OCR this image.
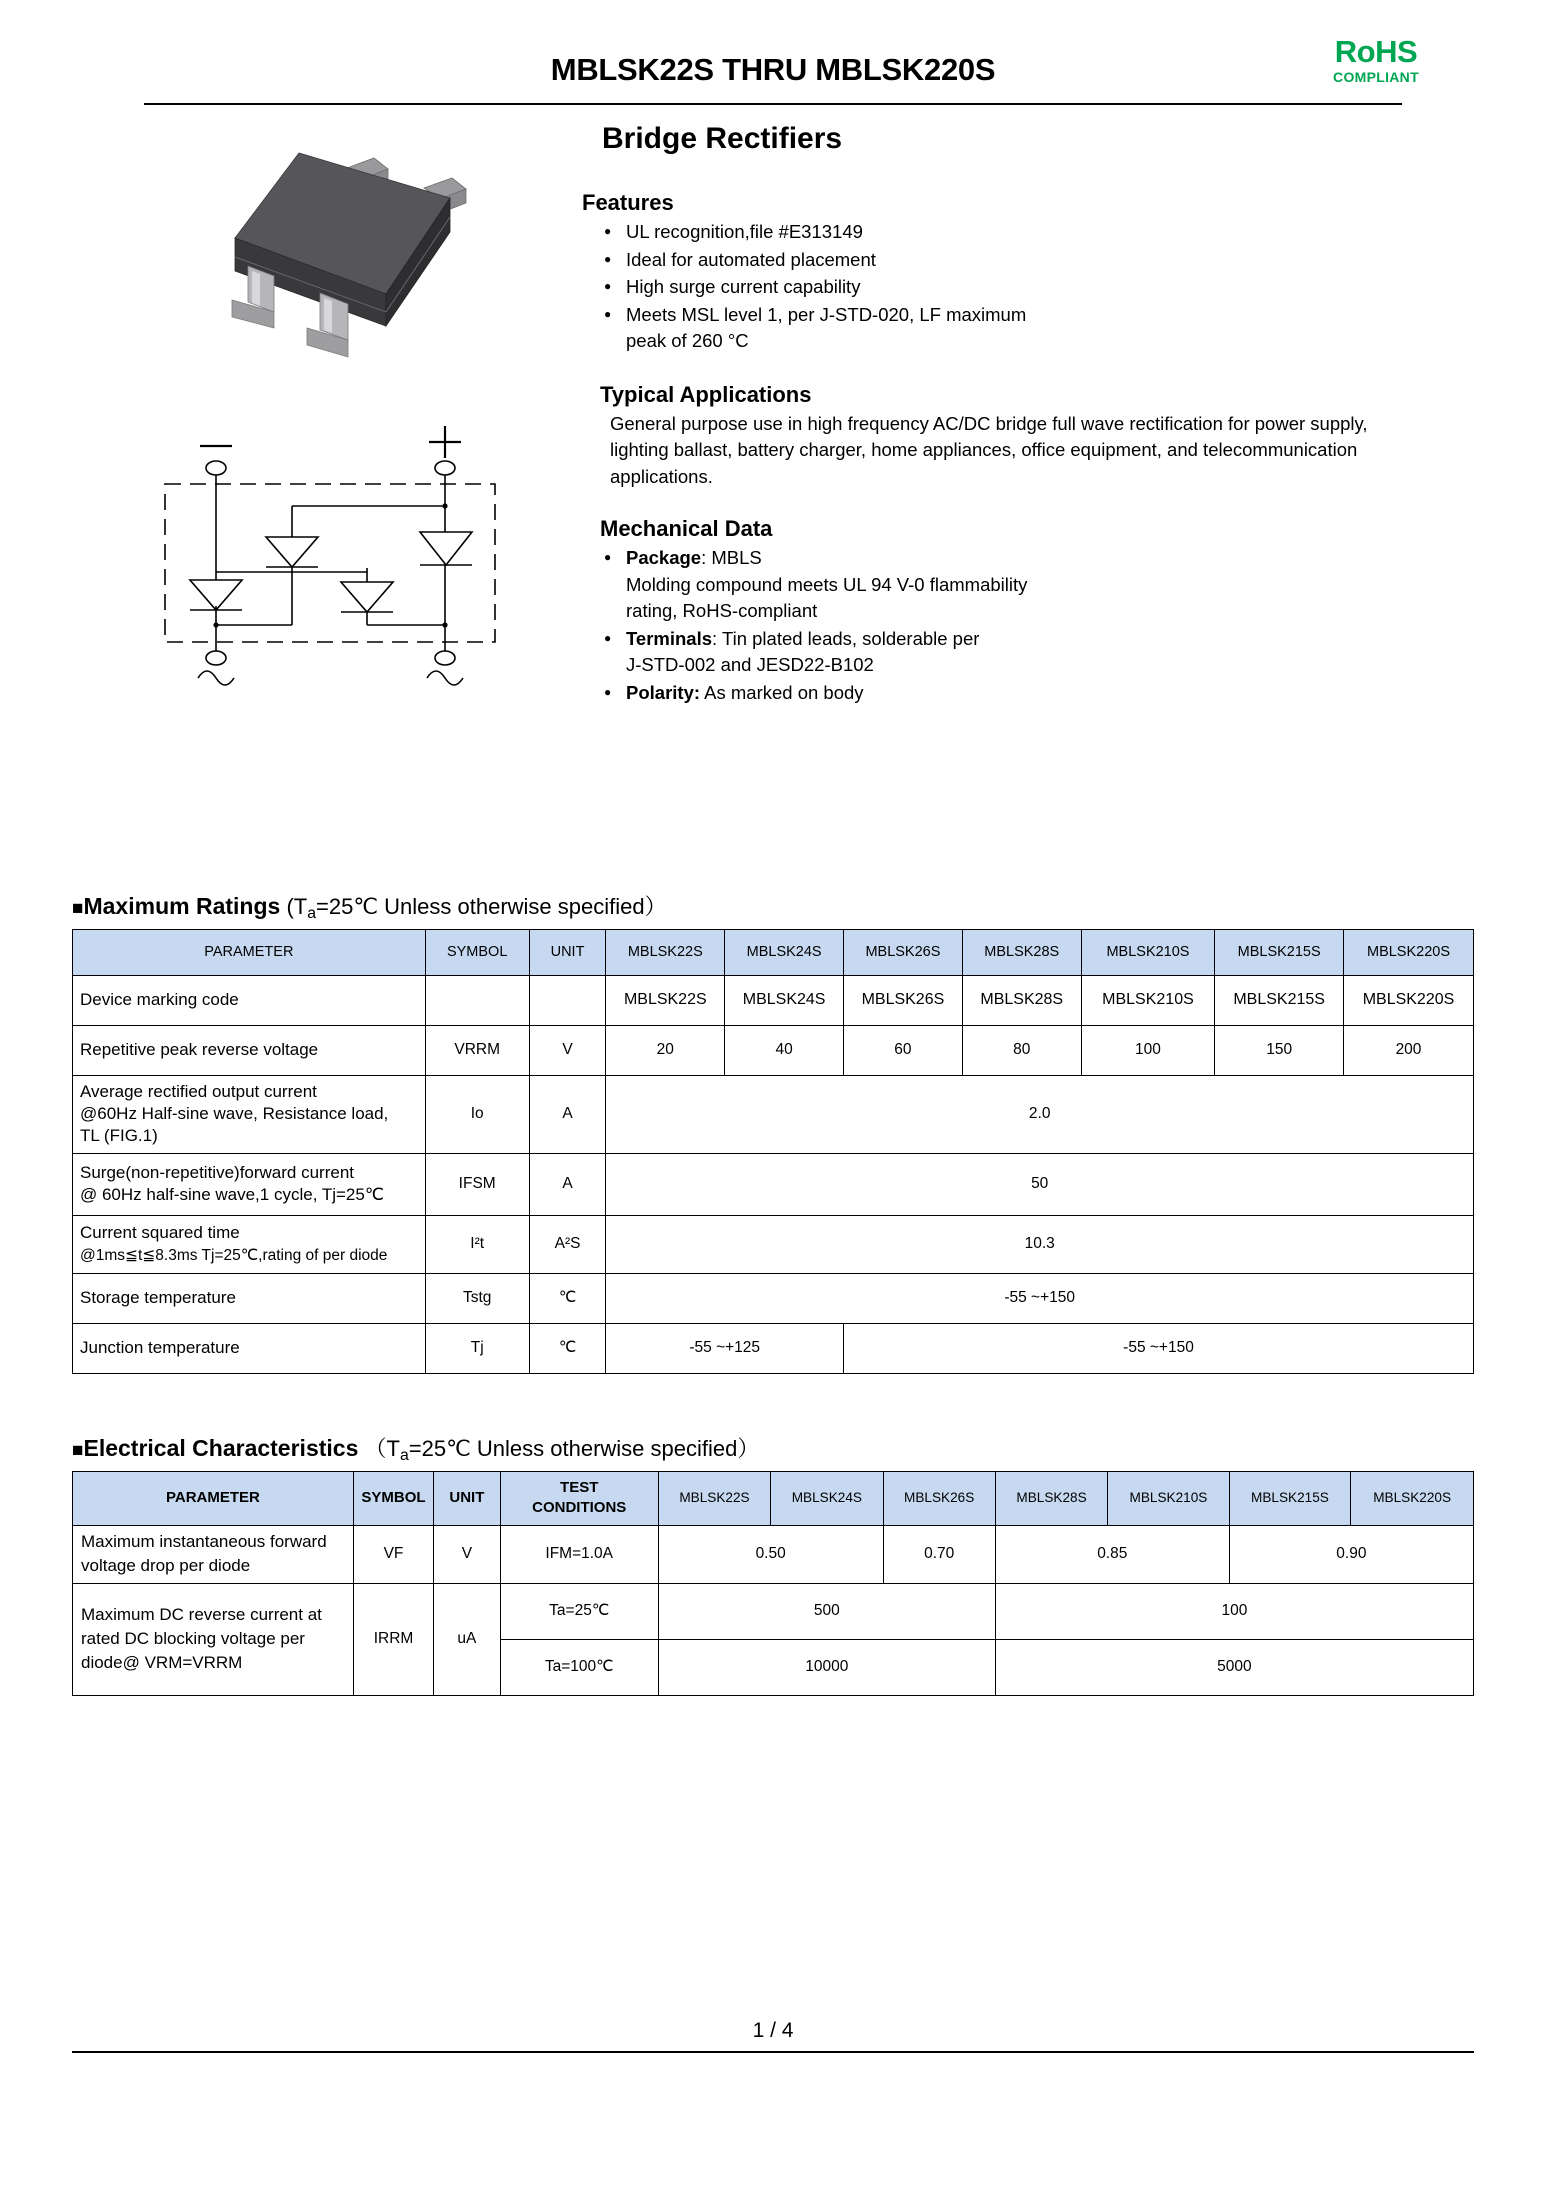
MBLSK22S THRU MBLSK220S
RoHS
COMPLIANT
Bridge Rectifiers
Features
● UL recognition,file #E313149
● Ideal for automated placement
● High surge current capability
● Meets MSL level 1, per J-STD-020, LF maximum
peak of 260 °C
Typical Applications
General purpose use in high frequency AC/DC bridge full wave rectification for power supply, lighting ballast, battery charger, home appliances, office equipment, and telecommunication applications.
Mechanical Data
● Package: MBLS
Molding compound meets UL 94 V-0 flammability
rating, RoHS-compliant
● Terminals: Tin plated leads, solderable per
J-STD-002 and JESD22-B102
● Polarity: As marked on body
■Maximum Ratings ($T_a=25℃$ Unless otherwise specified）
PARAMETER	SYMBOL	UNIT	MBLSK22S	MBLSK24S	MBLSK26S	MBLSK28S	MBLSK210S	MBLSK215S	MBLSK220S
Device marking code			MBLSK22S	MBLSK24S	MBLSK26S	MBLSK28S	MBLSK210S	MBLSK215S	MBLSK220S
Repetitive peak reverse voltage	VRRM	V	20	40	60	80	100	150	200
Average rectified output current
@60Hz Half-sine wave, Resistance load,
TL (FIG.1)	Io	A	2.0						
Surge(non-repetitive)forward current
@ 60Hz half-sine wave,1 cycle, Tj=25℃	IFSM	A	50						
Current squared time
@1ms≦t≦8.3ms Tj=25℃,rating of per diode	I²t	A²S	10.3						
Storage temperature	Tstg	℃	-55 ~+150						
Junction temperature	Tj	℃	-55 ~+125		-55 ~+150				
■Electrical Characteristics （$T_a=25℃$ Unless otherwise specified）
PARAMETER	SYMBOL	UNIT	TEST
CONDITIONS	MBLSK22S	MBLSK24S	MBLSK26S	MBLSK28S	MBLSK210S	MBLSK215S	MBLSK220S
Maximum instantaneous forward
voltage drop per diode	VF	V	IFM=1.0A	0.50		0.70	0.85		0.90	
Maximum DC reverse current at
rated DC blocking voltage per
diode@ VRM=VRRM	IRRM	uA	Ta=25℃	500			100			
			Ta=100℃	10000			5000			
1 / 4
